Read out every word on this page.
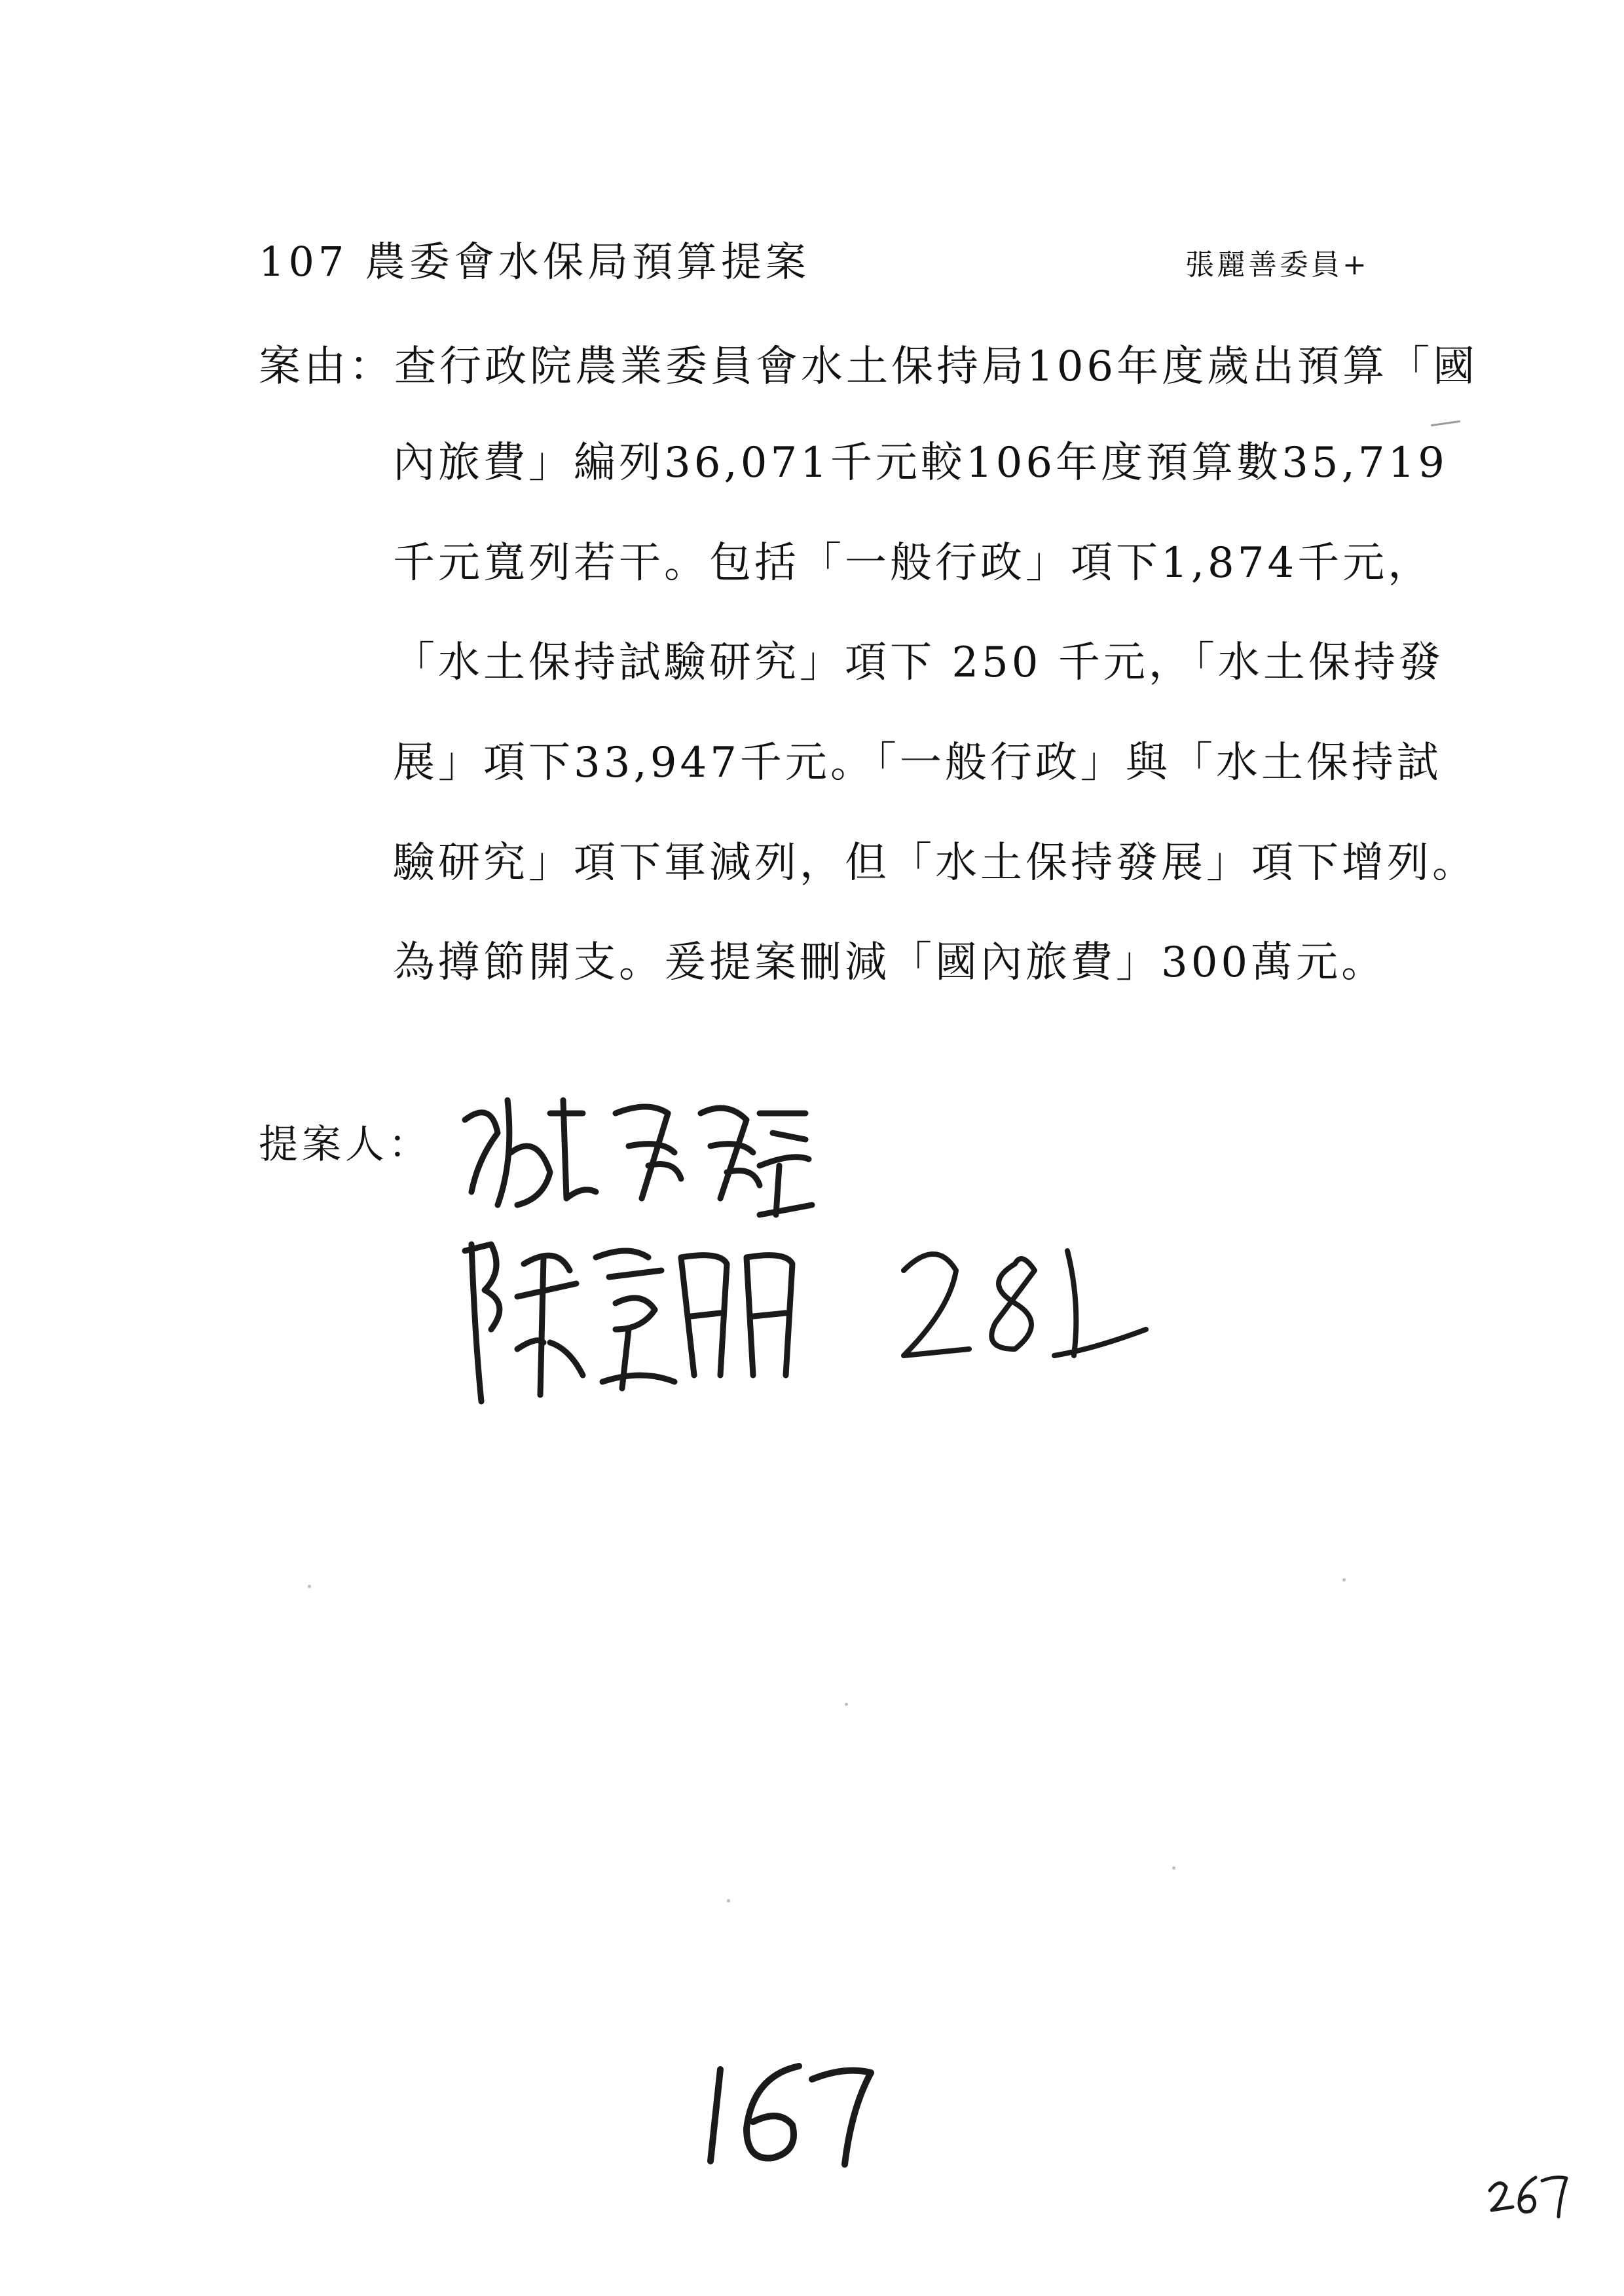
107 農委會水保局預算提案	張麗善委員+
案由：查行政院農業委員會水土保持局106年度歲出預算「國
內旅費」編列36,071千元較106年度預算數35,719
千元寬列若干。包括「一般行政」項下1,874千元，
「水土保持試驗研究」項下 250 千元，「水土保持發
展」項下33,947千元。「一般行政」與「水土保持試
驗研究」項下軍減列，但「水土保持發展」項下增列。
為撙節開支。爰提案刪減「國內旅費」300萬元。
提案人：
